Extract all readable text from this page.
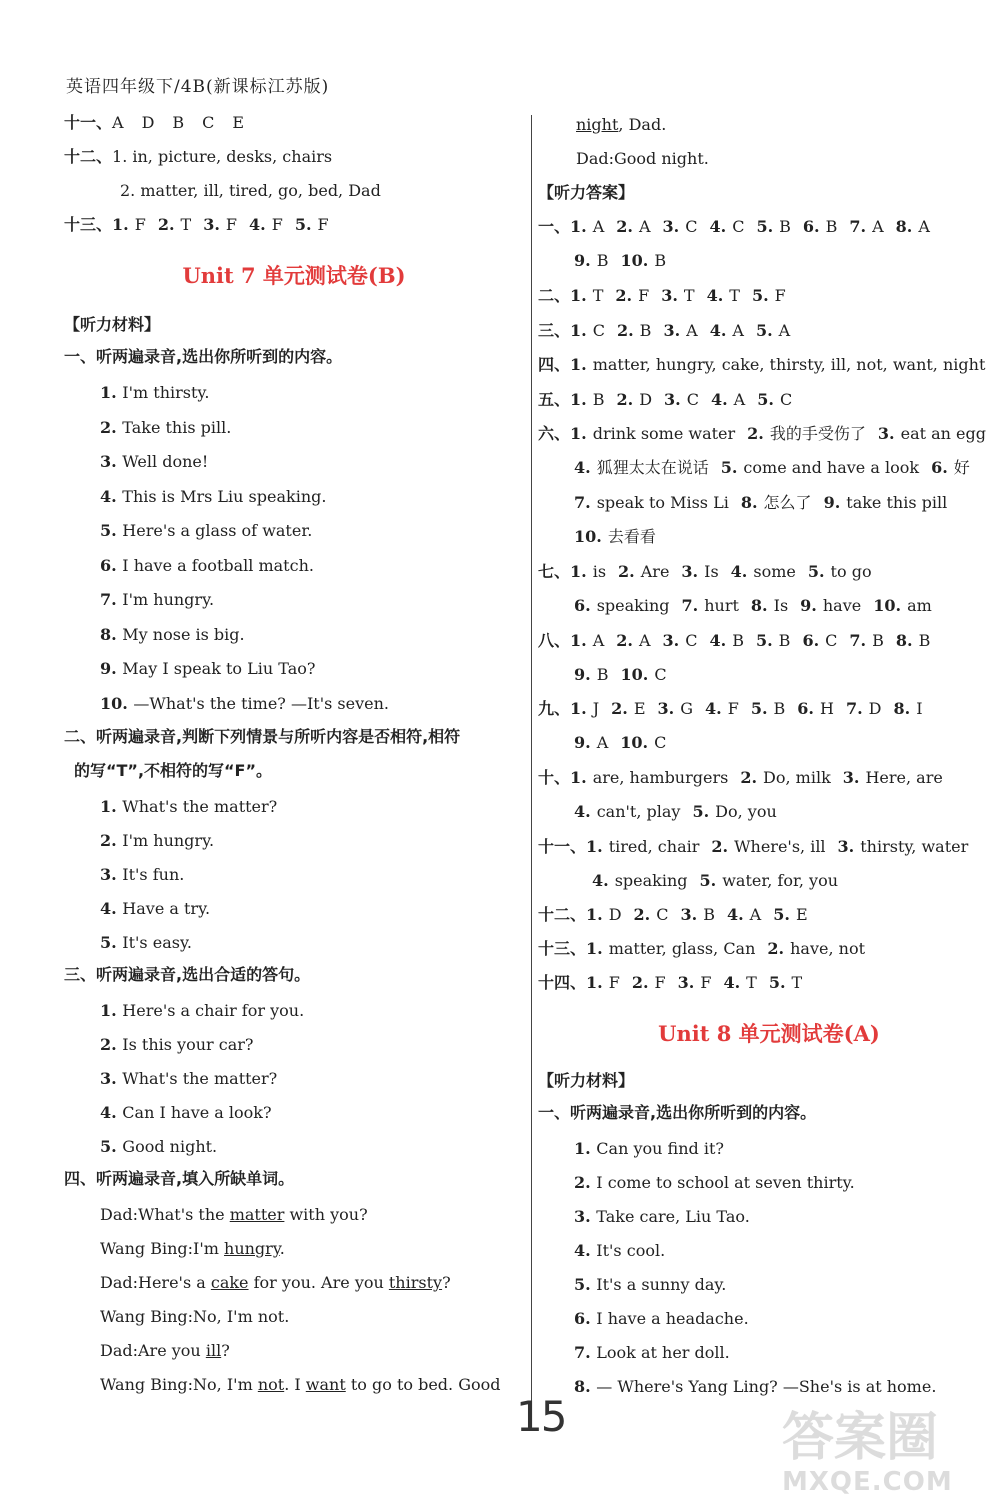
英语四年级下/4B(新课标江苏版)
十一、A D B C E
十二、1. in, picture, desks, chairs
2. matter, ill, tired, go, bed, Dad
十三、1. F 2. T 3. F 4. F 5. F
Unit 7 单元测试卷(B)
【听力材料】
一、听两遍录音,选出你所听到的内容。
1. I'm thirsty.
2. Take this pill.
3. Well done!
4. This is Mrs Liu speaking.
5. Here's a glass of water.
6. I have a football match.
7. I'm hungry.
8. My nose is big.
9. May I speak to Liu Tao?
10. —What's the time? —It's seven.
二、听两遍录音,判断下列情景与所听内容是否相符,相符
的写“T”,不相符的写“F”。
1. What's the matter?
2. I'm hungry.
3. It's fun.
4. Have a try.
5. It's easy.
三、听两遍录音,选出合适的答句。
1. Here's a chair for you.
2. Is this your car?
3. What's the matter?
4. Can I have a look?
5. Good night.
四、听两遍录音,填入所缺单词。
Dad:What's the matter with you?
Wang Bing:I'm hungry.
Dad:Here's a cake for you. Are you thirsty?
Wang Bing:No, I'm not.
Dad:Are you ill?
Wang Bing:No, I'm not. I want to go to bed. Good
night, Dad.
Dad:Good night.
【听力答案】
一、1. A 2. A 3. C 4. C 5. B 6. B 7. A 8. A
9. B 10. B
二、1. T 2. F 3. T 4. T 5. F
三、1. C 2. B 3. A 4. A 5. A
四、1. matter, hungry, cake, thirsty, ill, not, want, night
五、1. B 2. D 3. C 4. A 5. C
六、1. drink some water 2. 我的手受伤了 3. eat an egg
4. 狐狸太太在说话 5. come and have a look 6. 好
7. speak to Miss Li 8. 怎么了 9. take this pill
10. 去看看
七、1. is 2. Are 3. Is 4. some 5. to go
6. speaking 7. hurt 8. Is 9. have 10. am
八、1. A 2. A 3. C 4. B 5. B 6. C 7. B 8. B
9. B 10. C
九、1. J 2. E 3. G 4. F 5. B 6. H 7. D 8. I
9. A 10. C
十、1. are, hamburgers 2. Do, milk 3. Here, are
4. can't, play 5. Do, you
十一、1. tired, chair 2. Where's, ill 3. thirsty, water
4. speaking 5. water, for, you
十二、1. D 2. C 3. B 4. A 5. E
十三、1. matter, glass, Can 2. have, not
十四、1. F 2. F 3. F 4. T 5. T
Unit 8 单元测试卷(A)
【听力材料】
一、听两遍录音,选出你所听到的内容。
1. Can you find it?
2. I come to school at seven thirty.
3. Take care, Liu Tao.
4. It's cool.
5. It's a sunny day.
6. I have a headache.
7. Look at her doll.
8. — Where's Yang Ling? —She's is at home.
15	答案圈
MXQE.COM
